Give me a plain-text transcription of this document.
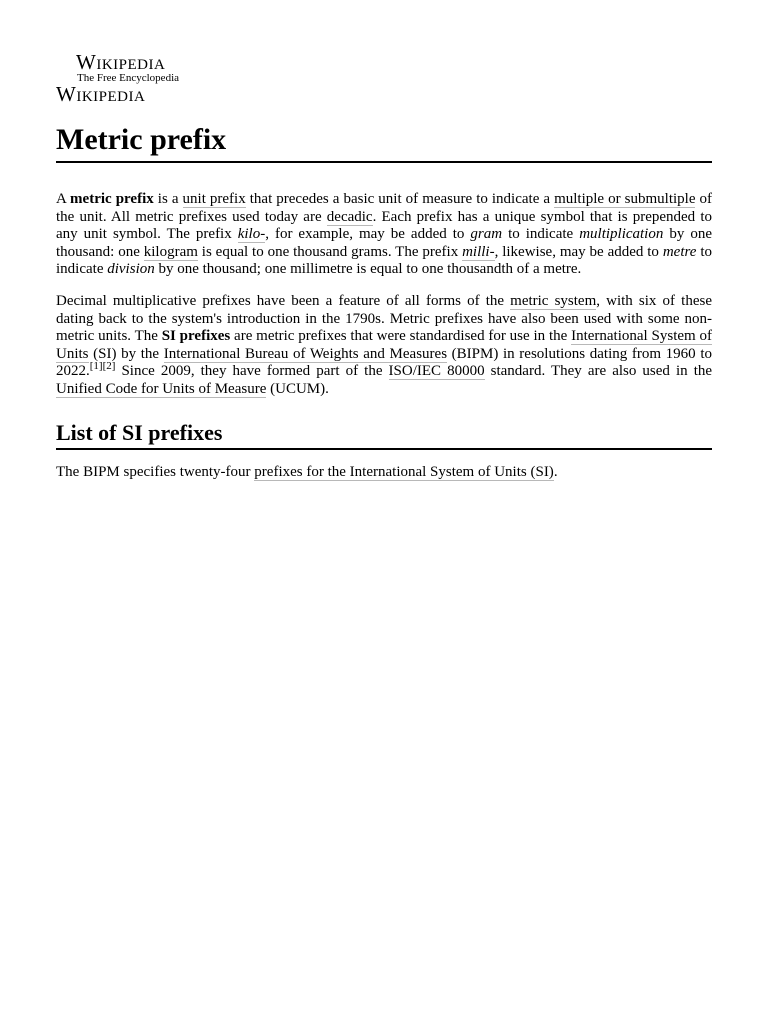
Wikipedia
The Free Encyclopedia
Wikipedia
Metric prefix

A metric prefix is a unit prefix that precedes a basic unit of measure to indicate a multiple or submultiple of the unit. All metric prefixes used today are decadic. Each prefix has a unique symbol that is prepended to any unit symbol. The prefix kilo-, for example, may be added to gram to indicate multiplication by one thousand: one kilogram is equal to one thousand grams. The prefix milli-, likewise, may be added to metre to indicate division by one thousand; one millimetre is equal to one thousandth of a metre.

Decimal multiplicative prefixes have been a feature of all forms of the metric system, with six of these dating back to the system's introduction in the 1790s. Metric prefixes have also been used with some non-metric units. The SI prefixes are metric prefixes that were standardised for use in the International System of Units (SI) by the International Bureau of Weights and Measures (BIPM) in resolutions dating from 1960 to 2022.[1][2] Since 2009, they have formed part of the ISO/IEC 80000 standard. They are also used in the Unified Code for Units of Measure (UCUM).

List of SI prefixes

The BIPM specifies twenty-four prefixes for the International System of Units (SI).
